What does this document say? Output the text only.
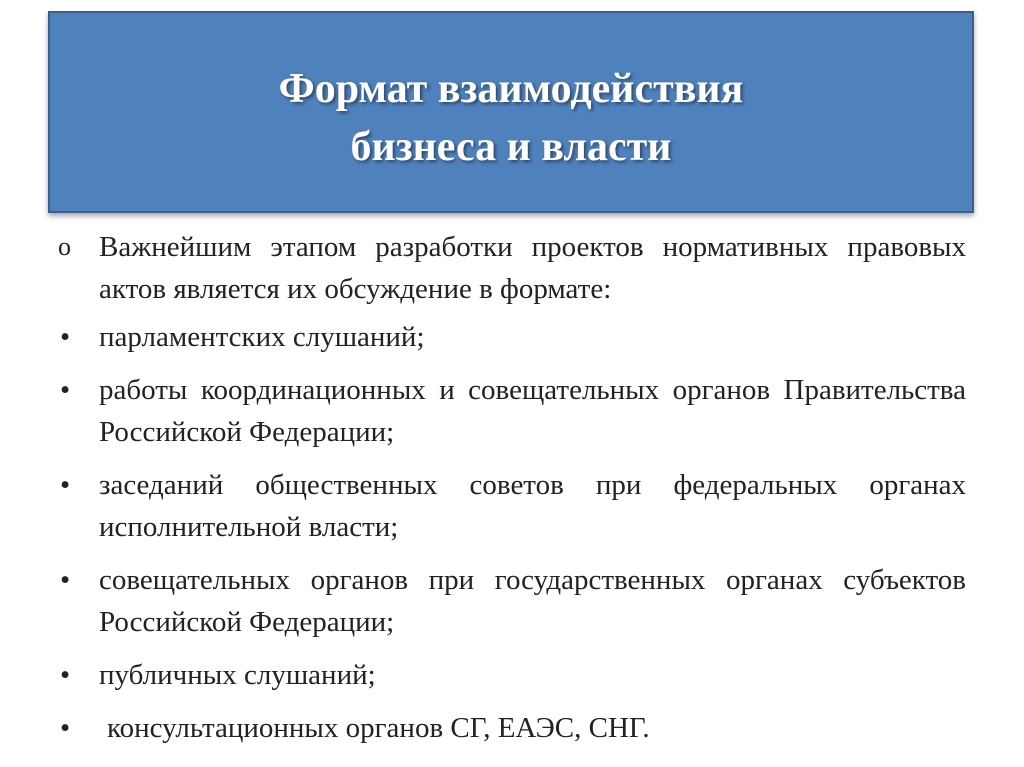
Формат взаимодействия
бизнеса и власти
o Важнейшим этапом разработки проектов нормативных правовых актов является их обсуждение в формате:
• парламентских слушаний;
• работы координационных и совещательных органов Правительства Российской Федерации;
• заседаний общественных советов при федеральных органах исполнительной власти;
• совещательных органов при государственных органах субъектов Российской Федерации;
• публичных слушаний;
•	консультационных органов СГ, ЕАЭС, СНГ.
